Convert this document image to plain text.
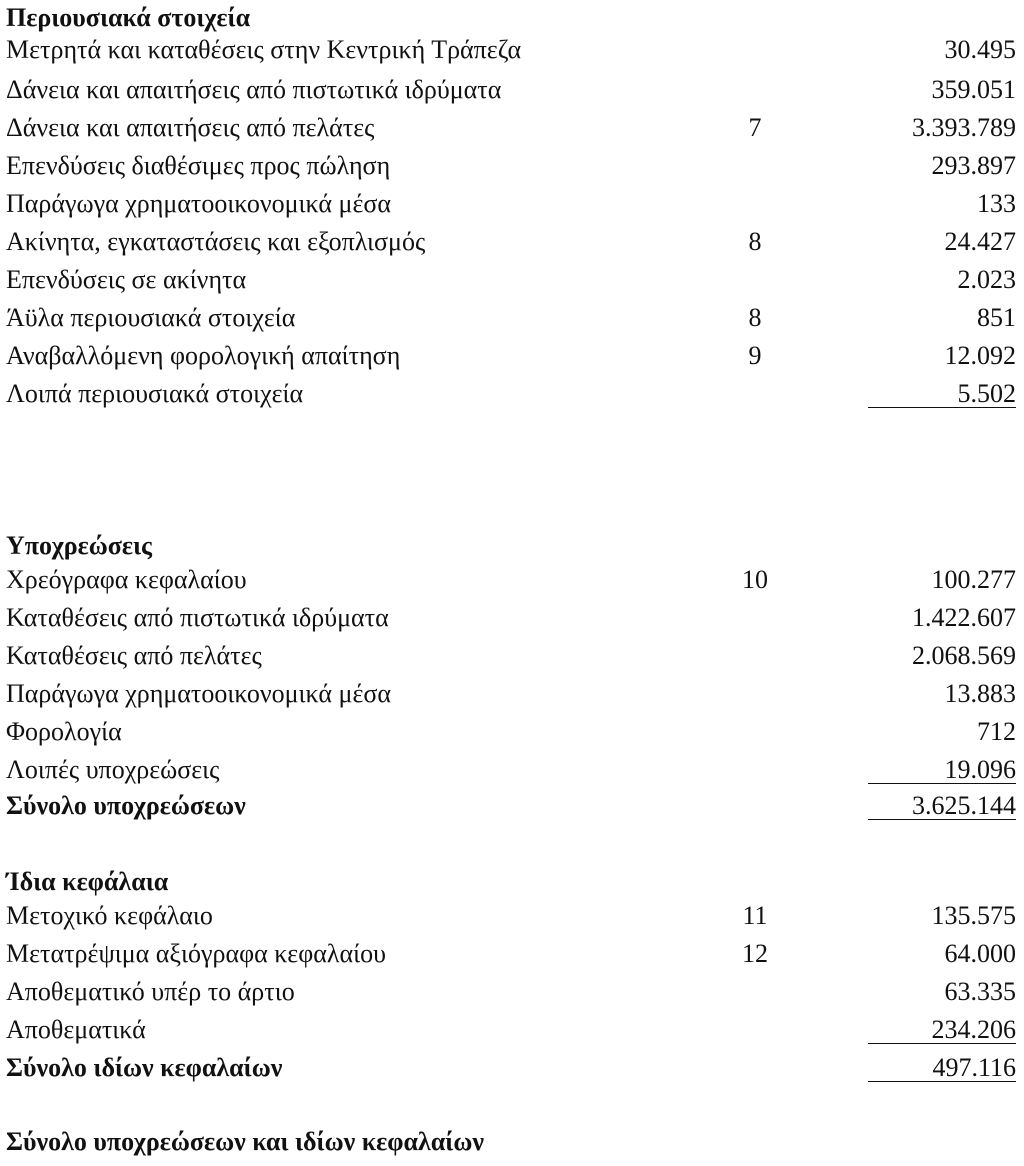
Περιουσιακά στοιχεία
Μετρητά και καταθέσεις στην Κεντρική Τράπεζα	30.495
Δάνεια και απαιτήσεις από πιστωτικά ιδρύματα	359.051
Δάνεια και απαιτήσεις από πελάτες	7	3.393.789
Επενδύσεις διαθέσιμες προς πώληση	293.897
Παράγωγα χρηματοοικονομικά μέσα	133
Ακίνητα, εγκαταστάσεις και εξοπλισμός	8	24.427
Επενδύσεις σε ακίνητα	2.023
Άϋλα περιουσιακά στοιχεία	8	851
Αναβαλλόμενη φορολογική απαίτηση	9	12.092
Λοιπά περιουσιακά στοιχεία	5.502
Υποχρεώσεις
Χρεόγραφα κεφαλαίου	10	100.277
Καταθέσεις από πιστωτικά ιδρύματα	1.422.607
Καταθέσεις από πελάτες	2.068.569
Παράγωγα χρηματοοικονομικά μέσα	13.883
Φορολογία	712
Λοιπές υποχρεώσεις	19.096
Σύνολο υποχρεώσεων	3.625.144
Ίδια κεφάλαια
Μετοχικό κεφάλαιο	11	135.575
Μετατρέψιμα αξιόγραφα κεφαλαίου	12	64.000
Αποθεματικό υπέρ το άρτιο	63.335
Αποθεματικά	234.206
Σύνολο ιδίων κεφαλαίων	497.116
Σύνολο υποχρεώσεων και ιδίων κεφαλαίων
